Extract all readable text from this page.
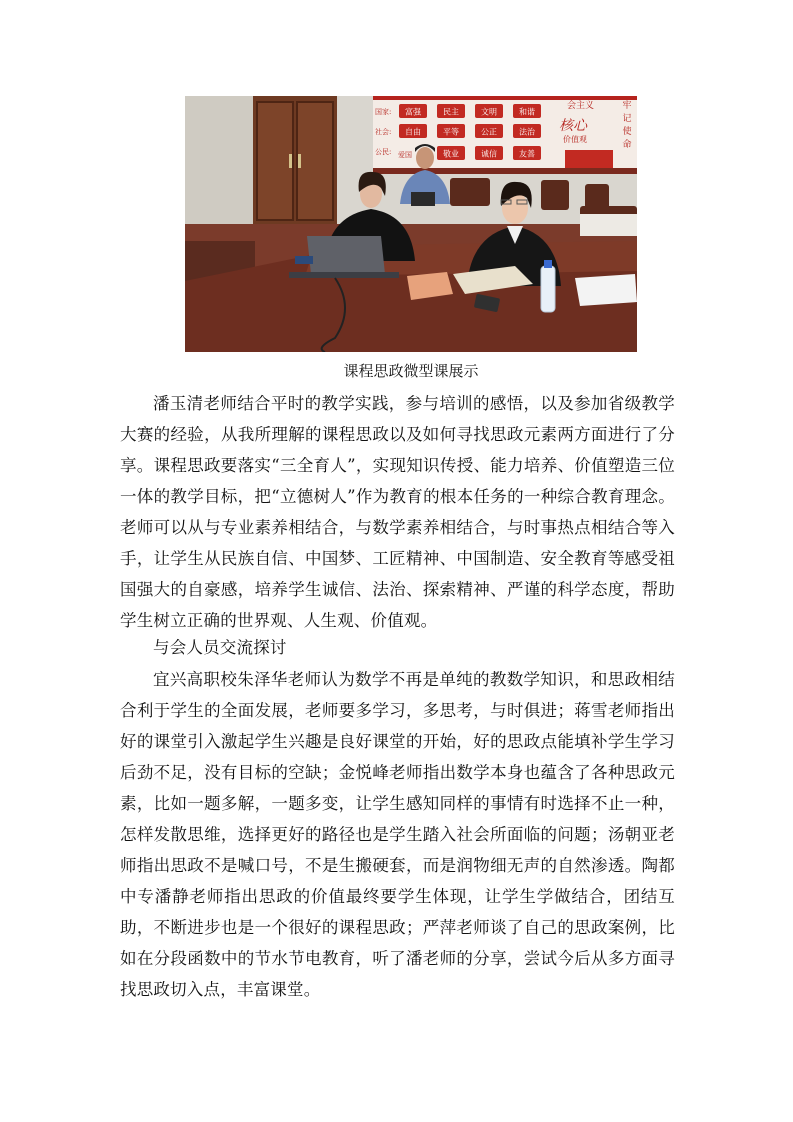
国家:
社会:
公民:
富强	民主	文明	和谐
自由	平等	公正	法治
敬业	诚信	友善
爱国
会主义
核心
价值观
牢
记
使
命
课程思政微型课展示

潘玉清老师结合平时的教学实践，参与培训的感悟，以及参加省级教学大赛的经验，从我所理解的课程思政以及如何寻找思政元素两方面进行了分享。课程思政要落实“三全育人”，实现知识传授、能力培养、价值塑造三位一体的教学目标，把“立德树人”作为教育的根本任务的一种综合教育理念。老师可以从与专业素养相结合，与数学素养相结合，与时事热点相结合等入手，让学生从民族自信、中国梦、工匠精神、中国制造、安全教育等感受祖国强大的自豪感，培养学生诚信、法治、探索精神、严谨的科学态度，帮助学生树立正确的世界观、人生观、价值观。

与会人员交流探讨

宜兴高职校朱泽华老师认为数学不再是单纯的教数学知识，和思政相结合利于学生的全面发展，老师要多学习，多思考，与时俱进；蒋雪老师指出好的课堂引入激起学生兴趣是良好课堂的开始，好的思政点能填补学生学习后劲不足，没有目标的空缺；金悦峰老师指出数学本身也蕴含了各种思政元素，比如一题多解，一题多变，让学生感知同样的事情有时选择不止一种，怎样发散思维，选择更好的路径也是学生踏入社会所面临的问题；汤朝亚老师指出思政不是喊口号，不是生搬硬套，而是润物细无声的自然渗透。陶都中专潘静老师指出思政的价值最终要学生体现，让学生学做结合，团结互助，不断进步也是一个很好的课程思政；严萍老师谈了自己的思政案例，比如在分段函数中的节水节电教育，听了潘老师的分享，尝试今后从多方面寻找思政切入点，丰富课堂。
